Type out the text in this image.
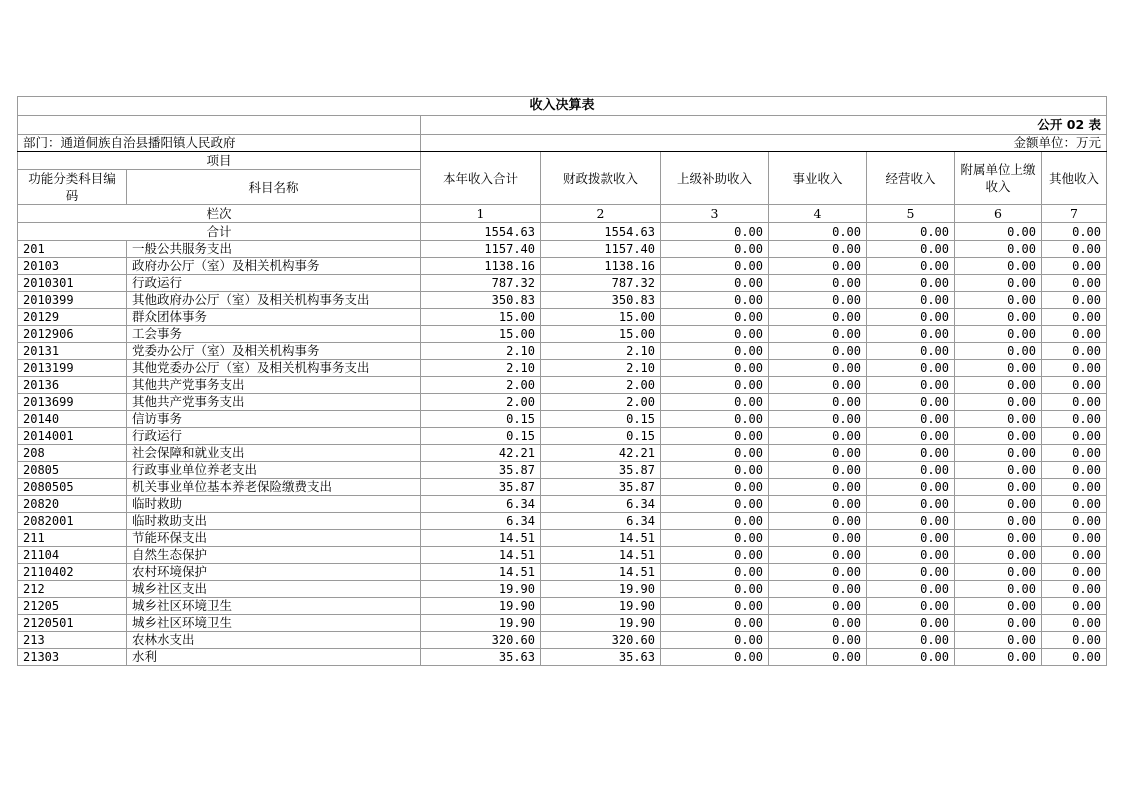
收入决算表								
		公开 02 表						
部门：通道侗族自治县播阳镇人民政府		金额单位：万元						
项目		本年收入合计	财政拨款收入	上级补助收入	事业收入	经营收入	附属单位上缴收入	其他收入
功能分类科目编码	科目名称							
栏次		1	2	3	4	5	6	7
合计		1554.63	1554.63	0.00	0.00	0.00	0.00	0.00
201	一般公共服务支出	1157.40	1157.40	0.00	0.00	0.00	0.00	0.00
20103	政府办公厅（室）及相关机构事务	1138.16	1138.16	0.00	0.00	0.00	0.00	0.00
2010301	行政运行	787.32	787.32	0.00	0.00	0.00	0.00	0.00
2010399	其他政府办公厅（室）及相关机构事务支出	350.83	350.83	0.00	0.00	0.00	0.00	0.00
20129	群众团体事务	15.00	15.00	0.00	0.00	0.00	0.00	0.00
2012906	工会事务	15.00	15.00	0.00	0.00	0.00	0.00	0.00
20131	党委办公厅（室）及相关机构事务	2.10	2.10	0.00	0.00	0.00	0.00	0.00
2013199	其他党委办公厅（室）及相关机构事务支出	2.10	2.10	0.00	0.00	0.00	0.00	0.00
20136	其他共产党事务支出	2.00	2.00	0.00	0.00	0.00	0.00	0.00
2013699	其他共产党事务支出	2.00	2.00	0.00	0.00	0.00	0.00	0.00
20140	信访事务	0.15	0.15	0.00	0.00	0.00	0.00	0.00
2014001	行政运行	0.15	0.15	0.00	0.00	0.00	0.00	0.00
208	社会保障和就业支出	42.21	42.21	0.00	0.00	0.00	0.00	0.00
20805	行政事业单位养老支出	35.87	35.87	0.00	0.00	0.00	0.00	0.00
2080505	机关事业单位基本养老保险缴费支出	35.87	35.87	0.00	0.00	0.00	0.00	0.00
20820	临时救助	6.34	6.34	0.00	0.00	0.00	0.00	0.00
2082001	临时救助支出	6.34	6.34	0.00	0.00	0.00	0.00	0.00
211	节能环保支出	14.51	14.51	0.00	0.00	0.00	0.00	0.00
21104	自然生态保护	14.51	14.51	0.00	0.00	0.00	0.00	0.00
2110402	农村环境保护	14.51	14.51	0.00	0.00	0.00	0.00	0.00
212	城乡社区支出	19.90	19.90	0.00	0.00	0.00	0.00	0.00
21205	城乡社区环境卫生	19.90	19.90	0.00	0.00	0.00	0.00	0.00
2120501	城乡社区环境卫生	19.90	19.90	0.00	0.00	0.00	0.00	0.00
213	农林水支出	320.60	320.60	0.00	0.00	0.00	0.00	0.00
21303	水利	35.63	35.63	0.00	0.00	0.00	0.00	0.00
